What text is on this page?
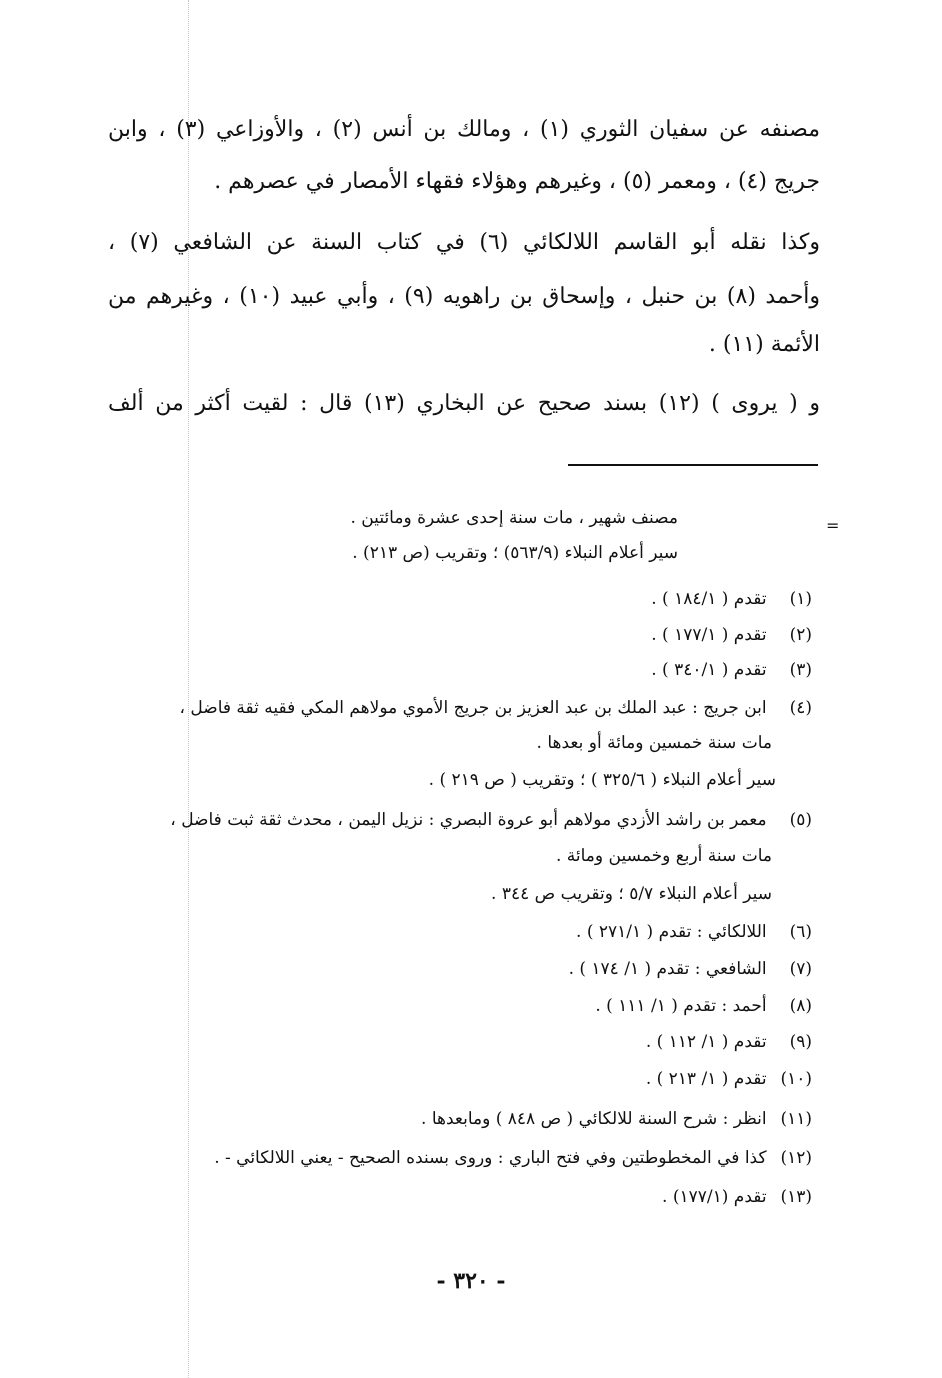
مصنفه عن سفيان الثوري (١) ، ومالك بن أنس (٢) ، والأوزاعي (٣) ، وابن
جريج (٤) ، ومعمر (٥) ، وغيرهم وهؤلاء فقهاء الأمصار في عصرهم .
وكذا نقله أبو القاسم اللالكائي (٦) في كتاب السنة عن الشافعي (٧) ،
وأحمد (٨) بن حنبل ، وإسحاق بن راهويه (٩) ، وأبي عبيد (١٠) ، وغيرهم من
الأئمة (١١) .
و ( يروى ) (١٢) بسند صحيح عن البخاري (١٣) قال : لقيت أكثر من ألف
=
مصنف شهير ، مات سنة إحدى عشرة ومائتين .
سير أعلام النبلاء (٥٦٣/٩) ؛ وتقريب (ص ٢١٣) .
(١) تقدم ( ١٨٤/١ ) .
(٢) تقدم ( ١٧٧/١ ) .
(٣) تقدم ( ٣٤٠/١ ) .
(٤) ابن جريج : عبد الملك بن عبد العزيز بن جريج الأموي مولاهم المكي فقيه ثقة فاضل ،
مات سنة خمسين ومائة أو بعدها .
سير أعلام النبلاء ( ٣٢٥/٦ ) ؛ وتقريب ( ص ٢١٩ ) .
(٥) معمر بن راشد الأزدي مولاهم أبو عروة البصري : نزيل اليمن ، محدث ثقة ثبت فاضل ،
مات سنة أربع وخمسين ومائة .
سير أعلام النبلاء ٥/٧ ؛ وتقريب ص ٣٤٤ .
(٦) اللالكائي : تقدم ( ٢٧١/١ ) .
(٧) الشافعي : تقدم ( ١/ ١٧٤ ) .
(٨) أحمد : تقدم ( ١/ ١١١ ) .
(٩) تقدم ( ١/ ١١٢ ) .
(١٠) تقدم ( ١/ ٢١٣ ) .
(١١) انظر : شرح السنة للالكائي ( ص ٨٤٨ ) ومابعدها .
(١٢) كذا في المخطوطتين وفي فتح الباري : وروى بسنده الصحيح - يعني اللالكائي - .
(١٣) تقدم (١٧٧/١) .
- ٣٢٠ -
